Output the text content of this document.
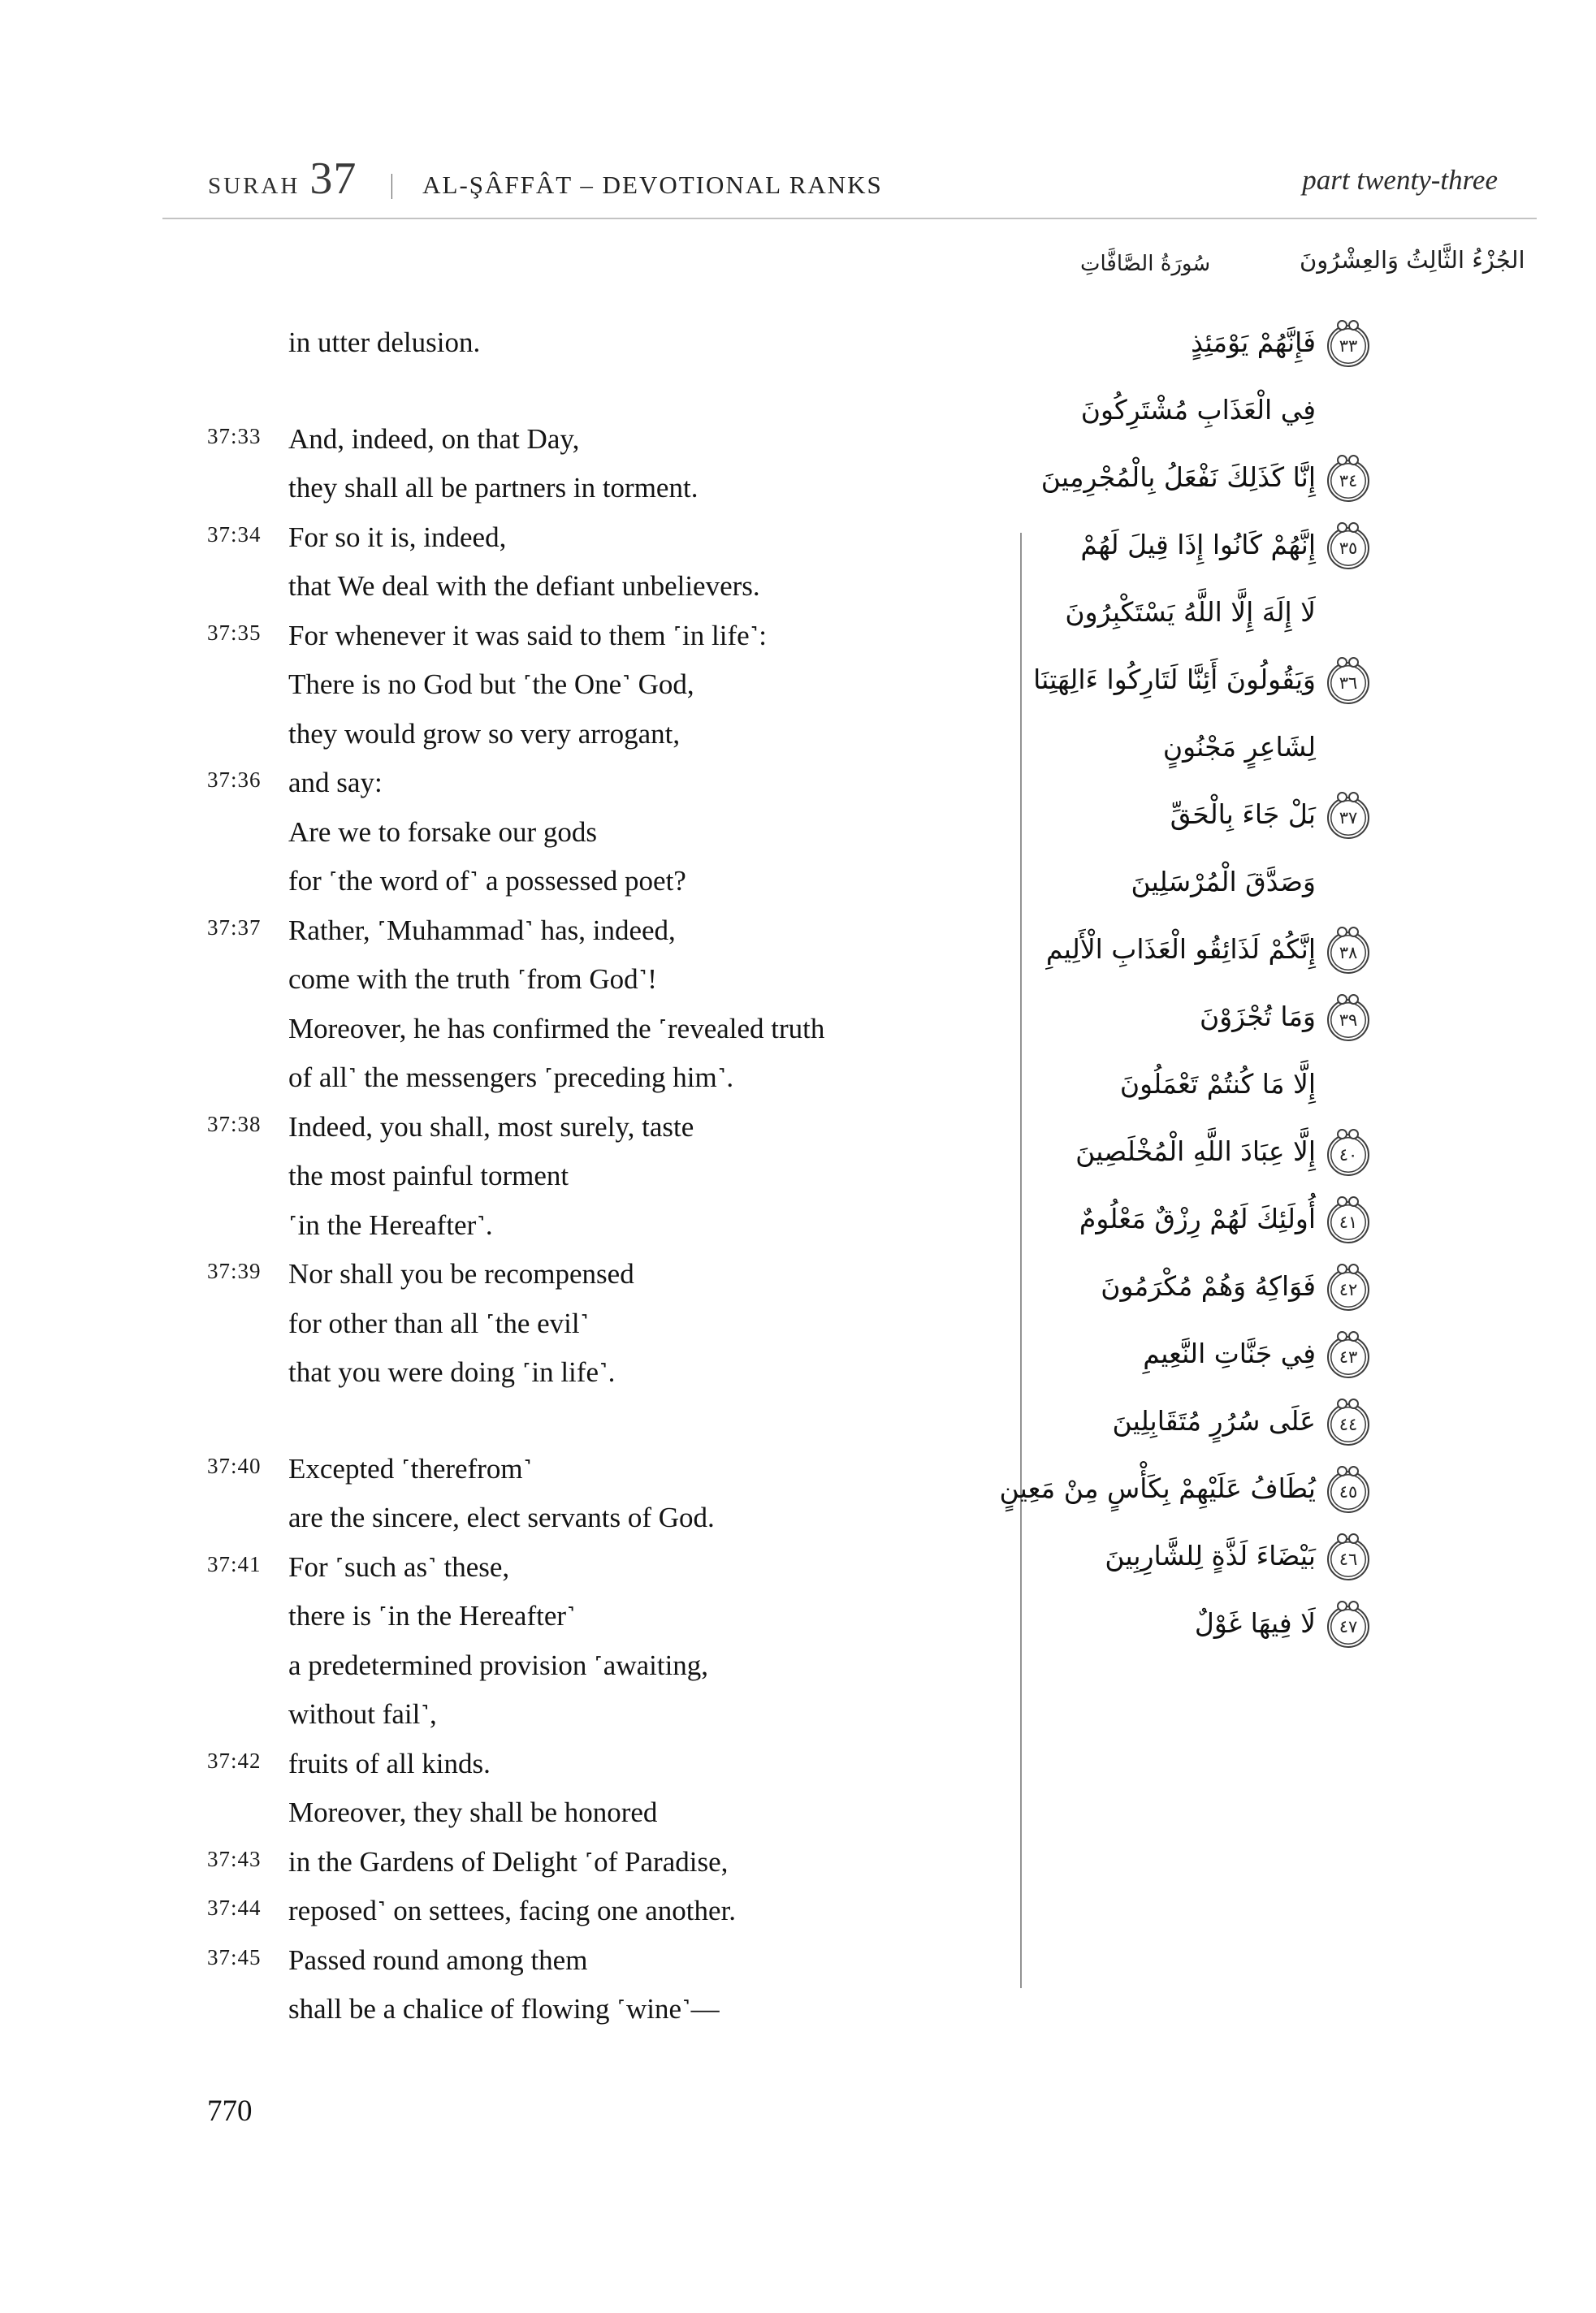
SURAH 37 | AL-ŞÂFFÂT – DEVOTIONAL RANKS	part twenty-three
الجُزْءُ الثَّالِثُ وَالعِشْرُونَ
سُورَةُ الصَّافَّاتِ
in utter delusion.
37:33 And, indeed, on that Day,
they shall all be partners in torment.
37:34 For so it is, indeed,
that We deal with the defiant unbelievers.
37:35 For whenever it was said to them ˹in life˺:
There is no God but ˹the One˺ God,
they would grow so very arrogant,
37:36 and say:
Are we to forsake our gods
for ˹the word of˺ a possessed poet?
37:37 Rather, ˹Muhammad˺ has, indeed,
come with the truth ˹from God˺!
Moreover, he has confirmed the ˹revealed truth
of all˺ the messengers ˹preceding him˺.
37:38 Indeed, you shall, most surely, taste
the most painful torment
˹in the Hereafter˺.
37:39 Nor shall you be recompensed
for other than all ˹the evil˺
that you were doing ˹in life˺.
37:40 Excepted ˹therefrom˺
are the sincere, elect servants of God.
37:41 For ˹such as˺ these,
there is ˹in the Hereafter˺
a predetermined provision ˹awaiting,
without fail˺,
37:42 fruits of all kinds.
Moreover, they shall be honored
37:43 in the Gardens of Delight ˹of Paradise,
37:44 reposed˺ on settees, facing one another.
37:45 Passed round among them
shall be a chalice of flowing ˹wine˺—
٣٣
فَإِنَّهُمْ يَوْمَئِذٍ
فِي الْعَذَابِ مُشْتَرِكُونَ
٣٤
إِنَّا كَذَلِكَ نَفْعَلُ بِالْمُجْرِمِينَ
٣٥
إِنَّهُمْ كَانُوا إِذَا قِيلَ لَهُمْ
لَا إِلَهَ إِلَّا اللَّهُ يَسْتَكْبِرُونَ
٣٦
وَيَقُولُونَ أَئِنَّا لَتَارِكُوا ءَالِهَتِنَا
لِشَاعِرٍ مَجْنُونٍ
٣٧
بَلْ جَاءَ بِالْحَقِّ
وَصَدَّقَ الْمُرْسَلِينَ
٣٨
إِنَّكُمْ لَذَائِقُو الْعَذَابِ الْأَلِيمِ
٣٩
وَمَا تُجْزَوْنَ
إِلَّا مَا كُنتُمْ تَعْمَلُونَ
٤٠
إِلَّا عِبَادَ اللَّهِ الْمُخْلَصِينَ
٤١
أُولَئِكَ لَهُمْ رِزْقٌ مَعْلُومٌ
٤٢
فَوَاكِهُ وَهُمْ مُكْرَمُونَ
٤٣
فِي جَنَّاتِ النَّعِيمِ
٤٤
عَلَى سُرُرٍ مُتَقَابِلِينَ
٤٥
يُطَافُ عَلَيْهِمْ بِكَأْسٍ مِنْ مَعِينٍ
٤٦
بَيْضَاءَ لَذَّةٍ لِلشَّارِبِينَ
٤٧
لَا فِيهَا غَوْلٌ
770
